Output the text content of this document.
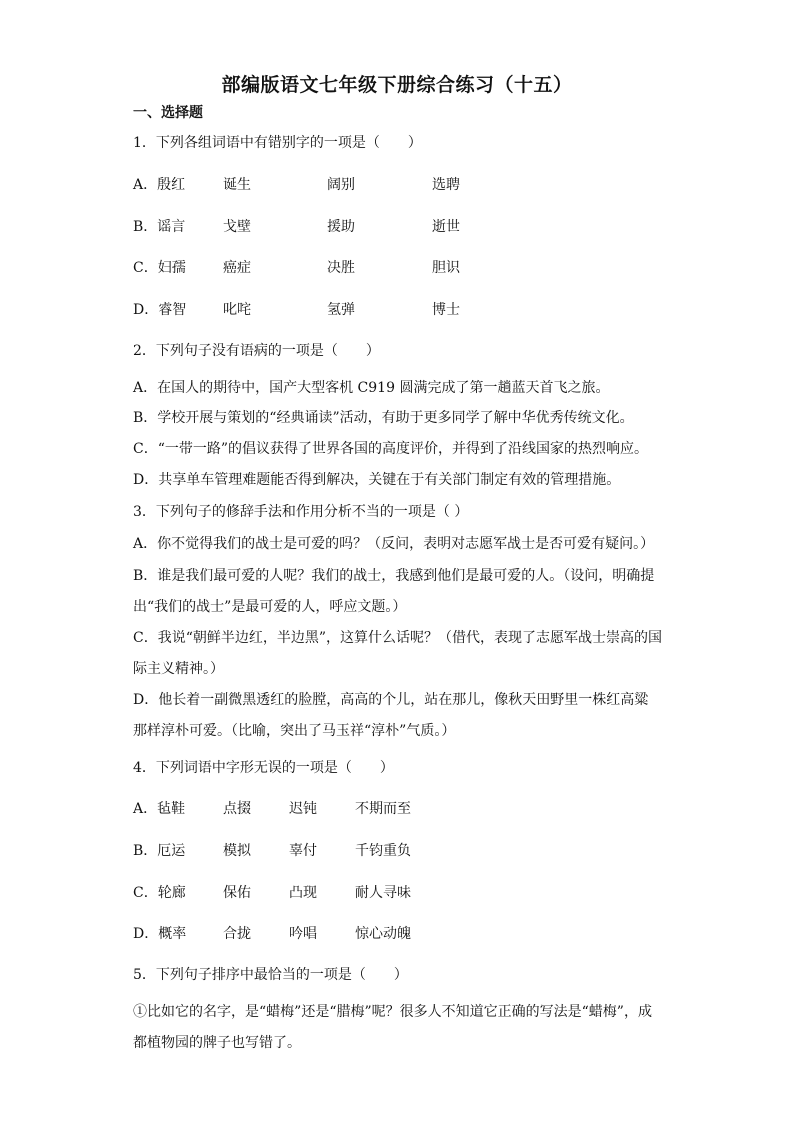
部编版语文七年级下册综合练习（十五）
一、选择题
1．下列各组词语中有错别字的一项是（　　）
A．殷红	诞生	阔别	选聘
B．谣言	戈壁	援助	逝世
C．妇孺	癌症	决胜	胆识
D．睿智	叱咤	氢弹	博士
2．下列句子没有语病的一项是（　　）
A．在国人的期待中，国产大型客机 C919 圆满完成了第一趟蓝天首飞之旅。
B．学校开展与策划的“经典诵读”活动，有助于更多同学了解中华优秀传统文化。
C．“一带一路”的倡议获得了世界各国的高度评价，并得到了沿线国家的热烈响应。
D．共享单车管理难题能否得到解决，关键在于有关部门制定有效的管理措施。
3．下列句子的修辞手法和作用分析不当的一项是（ ）
A．你不觉得我们的战士是可爱的吗？（反问，表明对志愿军战士是否可爱有疑问。）
B．谁是我们最可爱的人呢？我们的战士，我感到他们是最可爱的人。（设问，明确提
出“我们的战士”是最可爱的人，呼应文题。）
C．我说“朝鲜半边红，半边黑”，这算什么话呢？（借代，表现了志愿军战士崇高的国
际主义精神。）
D．他长着一副微黑透红的脸膛，高高的个儿，站在那儿，像秋天田野里一株红高粱
那样淳朴可爱。（比喻，突出了马玉祥“淳朴”气质。）
4．下列词语中字形无误的一项是（　　）
A．毡鞋	点掇	迟钝	不期而至
B．厄运	模拟	辜付	千钧重负
C．轮廊	保佑	凸现	耐人寻味
D．概率	合拢	吟唱	惊心动魄
5．下列句子排序中最恰当的一项是（　　）
①比如它的名字，是“蜡梅”还是“腊梅”呢？很多人不知道它正确的写法是“蜡梅”，成
都植物园的牌子也写错了。
